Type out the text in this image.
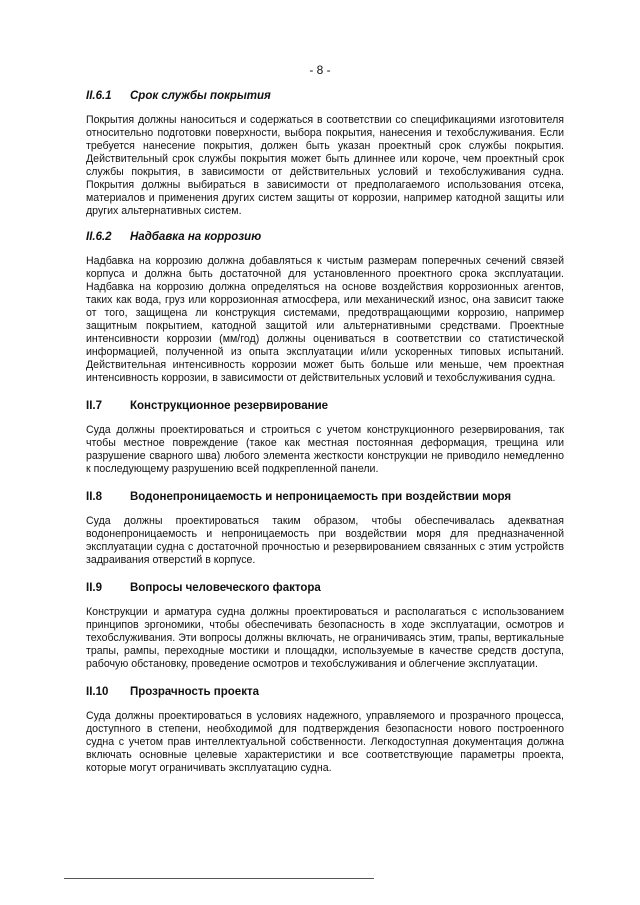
- 8 -
II.6.1	Срок службы покрытия

Покрытия должны наноситься и содержаться в соответствии со спецификациями изготовителя относительно подготовки поверхности, выбора покрытия, нанесения и техобслуживания. Если требуется нанесение покрытия, должен быть указан проектный срок службы покрытия. Действительный срок службы покрытия может быть длиннее или короче, чем проектный срок службы покрытия, в зависимости от действительных условий и техобслуживания судна. Покрытия должны выбираться в зависимости от предполагаемого использования отсека, материалов и применения других систем защиты от коррозии, например катодной защиты или других альтернативных систем.

II.6.2	Надбавка на коррозию

Надбавка на коррозию должна добавляться к чистым размерам поперечных сечений связей корпуса и должна быть достаточной для установленного проектного срока эксплуатации. Надбавка на коррозию должна определяться на основе воздействия коррозионных агентов, таких как вода, груз или коррозионная атмосфера, или механический износ, она зависит также от того, защищена ли конструкция системами, предотвращающими коррозию, например защитным покрытием, катодной защитой или альтернативными средствами. Проектные интенсивности коррозии (мм/год) должны оцениваться в соответствии со статистической информацией, полученной из опыта эксплуатации и/или ускоренных типовых испытаний. Действительная интенсивность коррозии может быть больше или меньше, чем проектная интенсивность коррозии, в зависимости от действительных условий и техобслуживания судна.

II.7	Конструкционное резервирование

Суда должны проектироваться и строиться с учетом конструкционного резервирования, так чтобы местное повреждение (такое как местная постоянная деформация, трещина или разрушение сварного шва) любого элемента жесткости конструкции не приводило немедленно к последующему разрушению всей подкрепленной панели.

II.8	Водонепроницаемость и непроницаемость при воздействии моря

Суда должны проектироваться таким образом, чтобы обеспечивалась адекватная водонепроницаемость и непроницаемость при воздействии моря для предназначенной эксплуатации судна с достаточной прочностью и резервированием связанных с этим устройств задраивания отверстий в корпусе.

II.9	Вопросы человеческого фактора

Конструкции и арматура судна должны проектироваться и располагаться с использованием принципов эргономики, чтобы обеспечивать безопасность в ходе эксплуатации, осмотров и техобслуживания. Эти вопросы должны включать, не ограничиваясь этим, трапы, вертикальные трапы, рампы, переходные мостики и площадки, используемые в качестве средств доступа, рабочую обстановку, проведение осмотров и техобслуживания и облегчение эксплуатации.

II.10	Прозрачность проекта

Суда должны проектироваться в условиях надежного, управляемого и прозрачного процесса, доступного в степени, необходимой для подтверждения безопасности нового построенного судна с учетом прав интеллектуальной собственности. Легкодоступная документация должна включать основные целевые характеристики и все соответствующие параметры проекта, которые могут ограничивать эксплуатацию судна.
